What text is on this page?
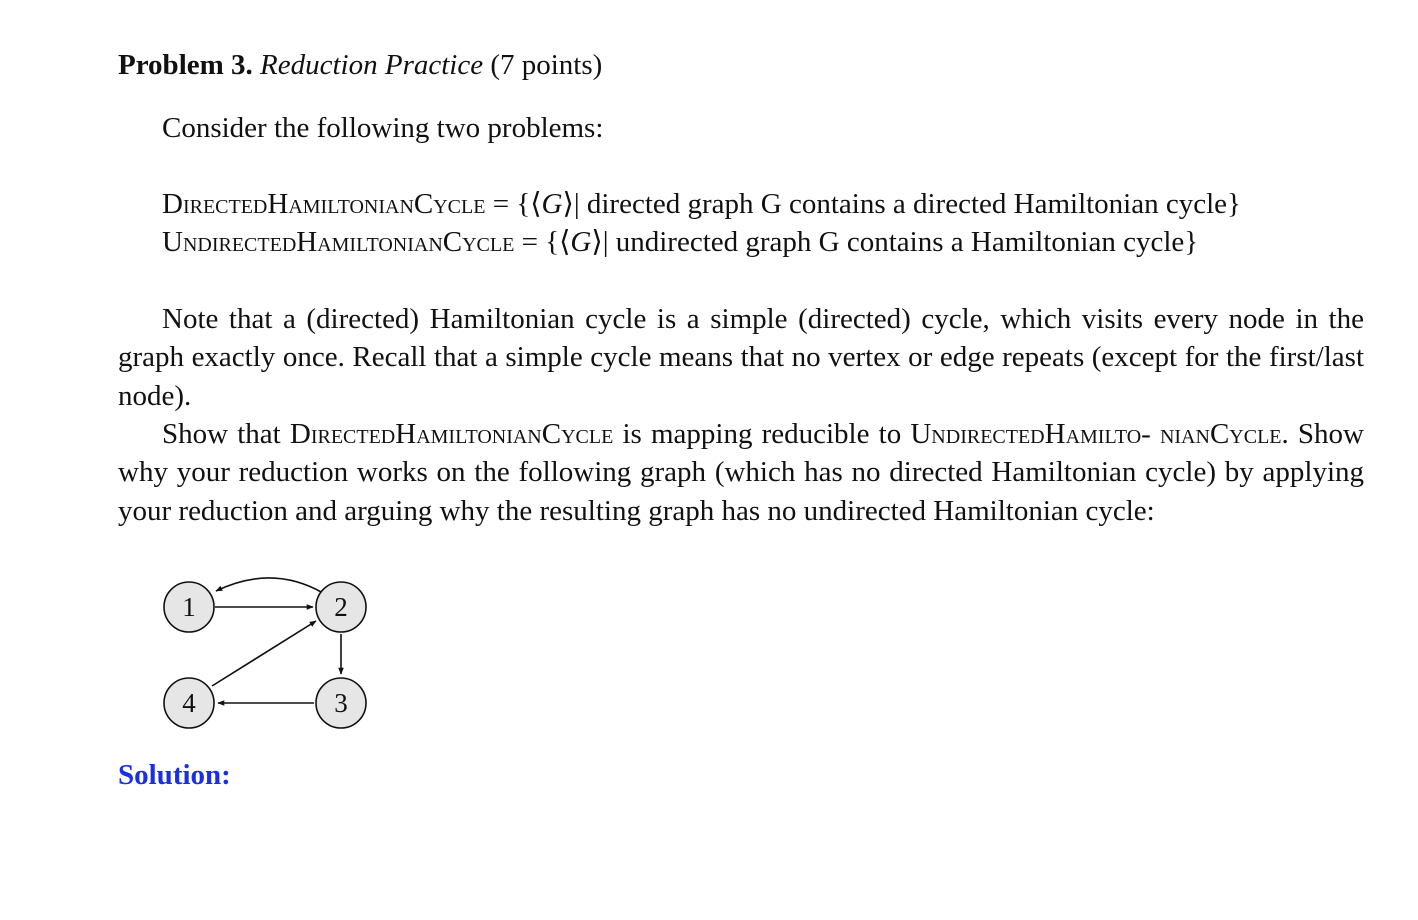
Problem 3. Reduction Practice (7 points)
Consider the following two problems:
DirectedHamiltonianCycle = {⟨G⟩| directed graph G contains a directed Hamiltonian cycle}
UndirectedHamiltonianCycle = {⟨G⟩| undirected graph G contains a Hamiltonian cycle}
Note that a (directed) Hamiltonian cycle is a simple (directed) cycle, which visits every node in the graph exactly once. Recall that a simple cycle means that no vertex or edge repeats (except for the first/last node).
Show that DirectedHamiltonianCycle is mapping reducible to UndirectedHamilto- nianCycle. Show why your reduction works on the following graph (which has no directed Hamiltonian cycle) by applying your reduction and arguing why the resulting graph has no undirected Hamiltonian cycle:
1	2
3
4
Solution:
